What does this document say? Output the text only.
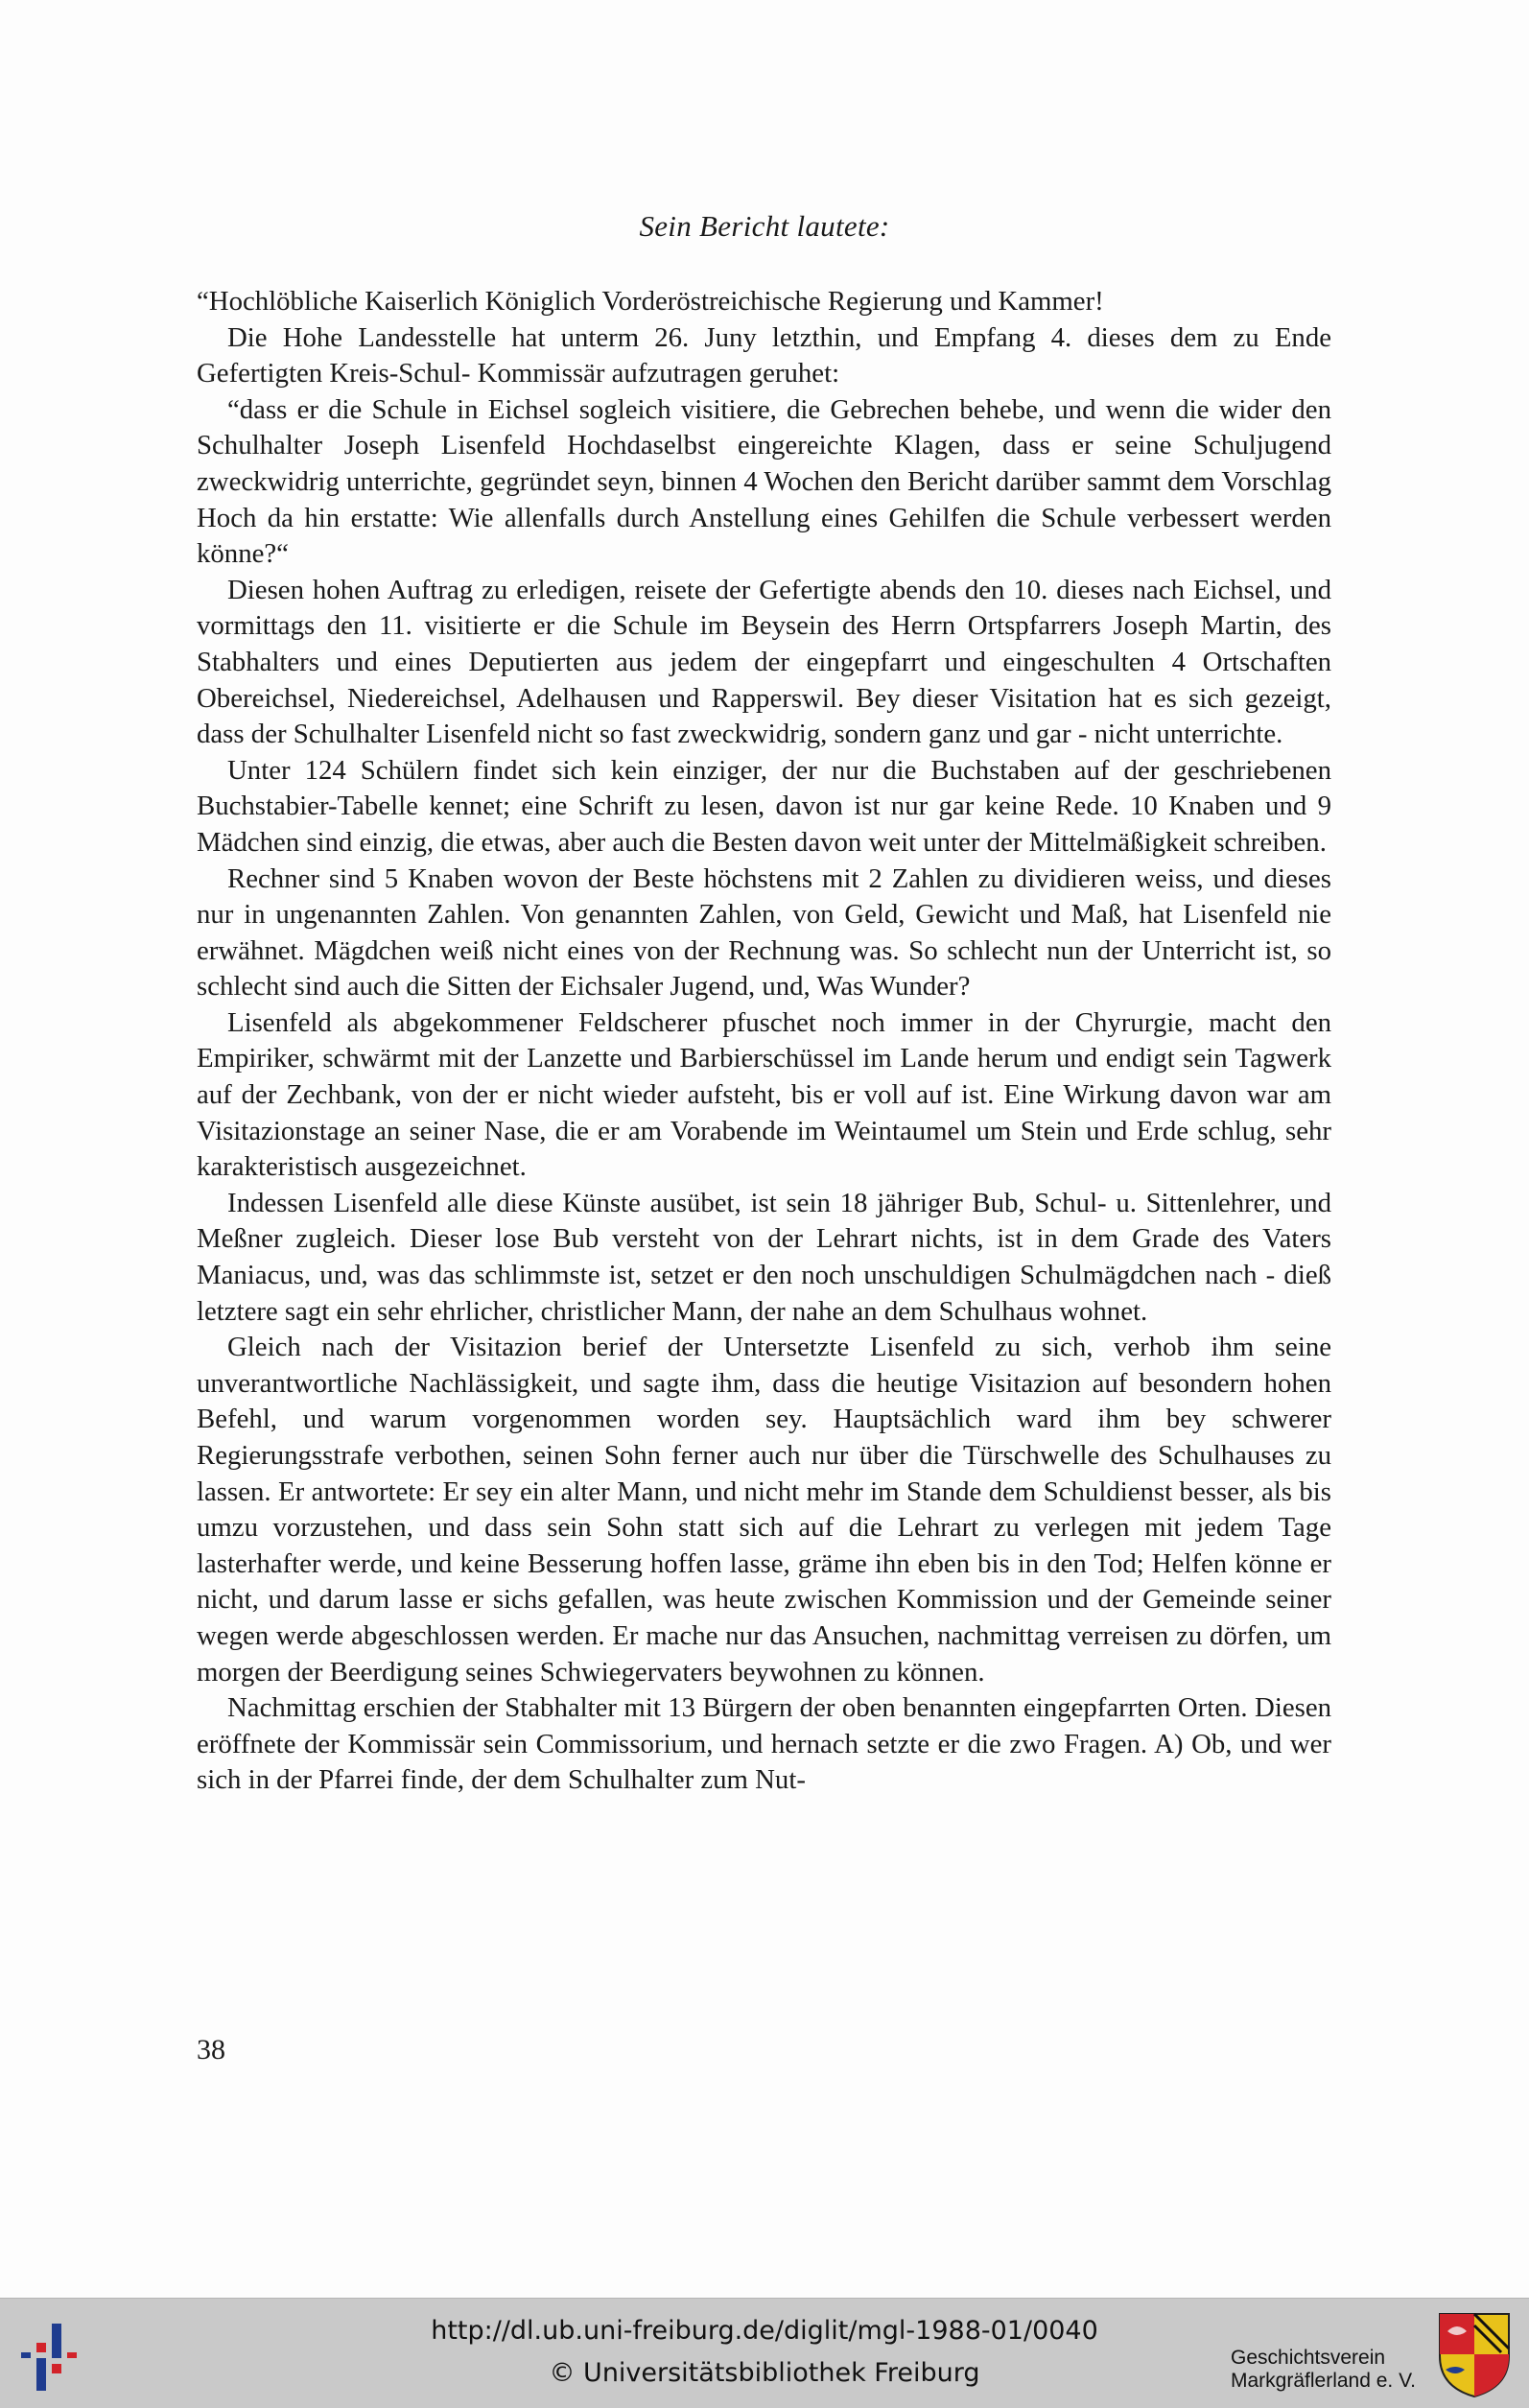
Sein Bericht lautete:

“Hochlöbliche Kaiserlich Königlich Vorderöstreichische Regierung und Kammer!

Die Hohe Landesstelle hat unterm 26. Juny letzthin, und Empfang 4. dieses dem zu Ende Gefertigten Kreis-Schul- Kommissär aufzutragen geruhet:

“dass er die Schule in Eichsel sogleich visitiere, die Gebrechen behebe, und wenn die wider den Schulhalter Joseph Lisenfeld Hochdaselbst eingereichte Klagen, dass er seine Schuljugend zweckwidrig unterrichte, gegründet seyn, binnen 4 Wochen den Bericht darüber sammt dem Vorschlag Hoch da hin erstatte: Wie allenfalls durch Anstellung eines Gehilfen die Schule verbessert werden könne?“

Diesen hohen Auftrag zu erledigen, reisete der Gefertigte abends den 10. dieses nach Eichsel, und vormittags den 11. visitierte er die Schule im Beysein des Herrn Ortspfarrers Joseph Martin, des Stabhalters und eines Deputierten aus jedem der eingepfarrt und eingeschulten 4 Ortschaften Obereichsel, Niedereichsel, Adelhausen und Rapperswil. Bey dieser Visitation hat es sich gezeigt, dass der Schulhalter Lisenfeld nicht so fast zweckwidrig, sondern ganz und gar - nicht unterrichte.

Unter 124 Schülern findet sich kein einziger, der nur die Buchstaben auf der geschriebenen Buchstabier-Tabelle kennet; eine Schrift zu lesen, davon ist nur gar keine Rede. 10 Knaben und 9 Mädchen sind einzig, die etwas, aber auch die Besten davon weit unter der Mittelmäßigkeit schreiben.

Rechner sind 5 Knaben wovon der Beste höchstens mit 2 Zahlen zu dividieren weiss, und dieses nur in ungenannten Zahlen. Von genannten Zahlen, von Geld, Gewicht und Maß, hat Lisenfeld nie erwähnet. Mägdchen weiß nicht eines von der Rechnung was. So schlecht nun der Unterricht ist, so schlecht sind auch die Sitten der Eichsaler Jugend, und, Was Wunder?

Lisenfeld als abgekommener Feldscherer pfuschet noch immer in der Chyrurgie, macht den Empiriker, schwärmt mit der Lanzette und Barbierschüssel im Lande herum und endigt sein Tagwerk auf der Zechbank, von der er nicht wieder aufsteht, bis er voll auf ist. Eine Wirkung davon war am Visitazionstage an seiner Nase, die er am Vorabende im Weintaumel um Stein und Erde schlug, sehr karakteristisch ausgezeichnet.

Indessen Lisenfeld alle diese Künste ausübet, ist sein 18 jähriger Bub, Schul- u. Sittenlehrer, und Meßner zugleich. Dieser lose Bub versteht von der Lehrart nichts, ist in dem Grade des Vaters Maniacus, und, was das schlimmste ist, setzet er den noch unschuldigen Schulmägdchen nach - dieß letztere sagt ein sehr ehrlicher, christlicher Mann, der nahe an dem Schulhaus wohnet.

Gleich nach der Visitazion berief der Untersetzte Lisenfeld zu sich, verhob ihm seine unverantwortliche Nachlässigkeit, und sagte ihm, dass die heutige Visitazion auf besondern hohen Befehl, und warum vorgenommen worden sey. Hauptsächlich ward ihm bey schwerer Regierungsstrafe verbothen, seinen Sohn ferner auch nur über die Türschwelle des Schulhauses zu lassen. Er antwortete: Er sey ein alter Mann, und nicht mehr im Stande dem Schuldienst besser, als bis umzu vorzustehen, und dass sein Sohn statt sich auf die Lehrart zu verlegen mit jedem Tage lasterhafter werde, und keine Besserung hoffen lasse, gräme ihn eben bis in den Tod; Helfen könne er nicht, und darum lasse er sichs gefallen, was heute zwischen Kommission und der Gemeinde seiner wegen werde abgeschlossen werden. Er mache nur das Ansuchen, nachmittag verreisen zu dörfen, um morgen der Beerdigung seines Schwiegervaters beywohnen zu können.

Nachmittag erschien der Stabhalter mit 13 Bürgern der oben benannten eingepfarrten Orten. Diesen eröffnete der Kommissär sein Commissorium, und hernach setzte er die zwo Fragen. A) Ob, und wer sich in der Pfarrei finde, der dem Schulhalter zum Nut-

38
http://dl.ub.uni-freiburg.de/diglit/mgl-1988-01/0040
© Universitätsbibliothek Freiburg
Geschichtsverein
Markgräflerland e. V.
